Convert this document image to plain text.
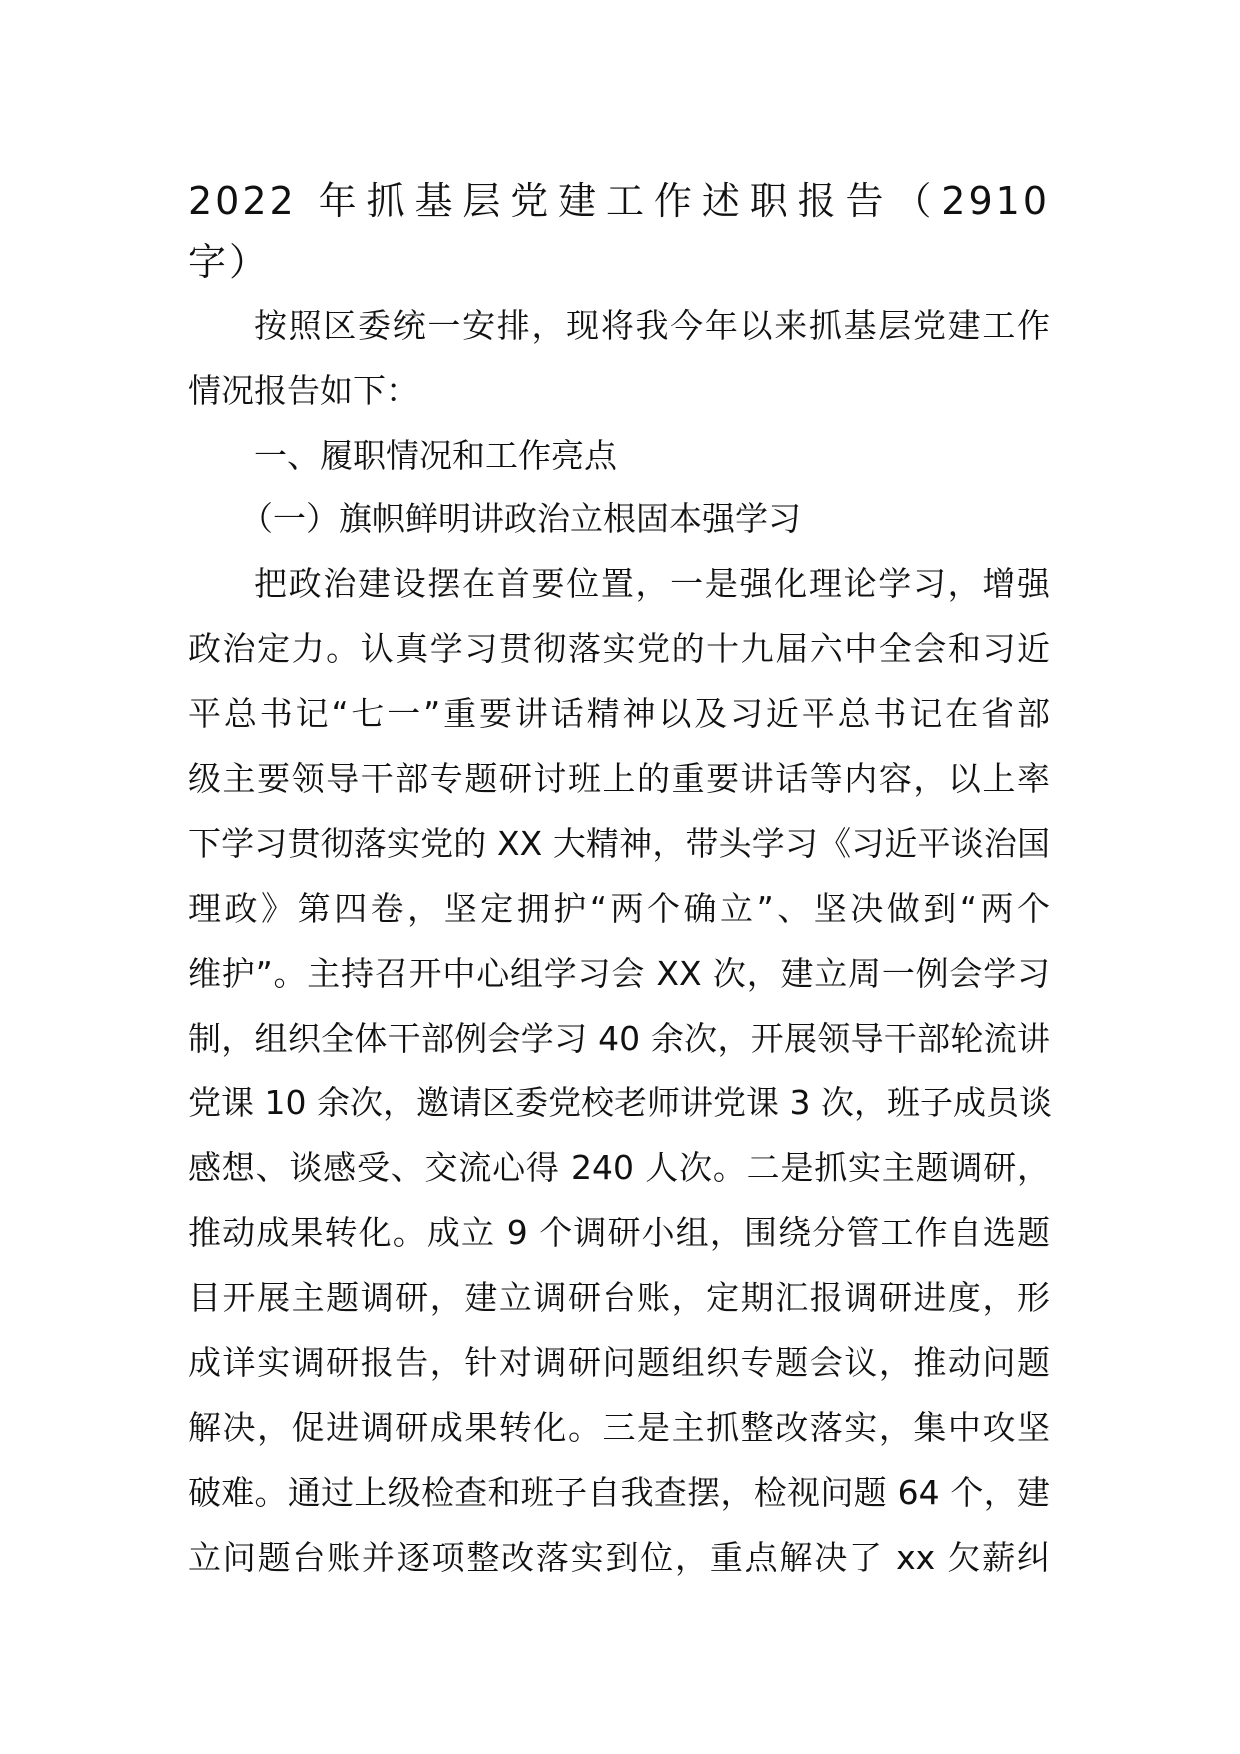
2022 年抓基层党建工作述职报告（2910
字）
按照区委统一安排，现将我今年以来抓基层党建工作
情况报告如下：
一、履职情况和工作亮点
（一）旗帜鲜明讲政治立根固本强学习
把政治建设摆在首要位置，一是强化理论学习，增强
政治定力。认真学习贯彻落实党的十九届六中全会和习近
平总书记“七一”重要讲话精神以及习近平总书记在省部
级主要领导干部专题研讨班上的重要讲话等内容，以上率
下学习贯彻落实党的 XX 大精神，带头学习《习近平谈治国
理政》第四卷，坚定拥护“两个确立”、坚决做到“两个
维护”。主持召开中心组学习会 XX 次，建立周一例会学习
制，组织全体干部例会学习 40 余次，开展领导干部轮流讲
党课 10 余次，邀请区委党校老师讲党课 3 次，班子成员谈
感想、谈感受、交流心得 240 人次。二是抓实主题调研，
推动成果转化。成立 9 个调研小组，围绕分管工作自选题
目开展主题调研，建立调研台账，定期汇报调研进度，形
成详实调研报告，针对调研问题组织专题会议，推动问题
解决，促进调研成果转化。三是主抓整改落实，集中攻坚
破难。通过上级检查和班子自我查摆，检视问题 64 个，建
立问题台账并逐项整改落实到位，重点解决了 xx 欠薪纠
